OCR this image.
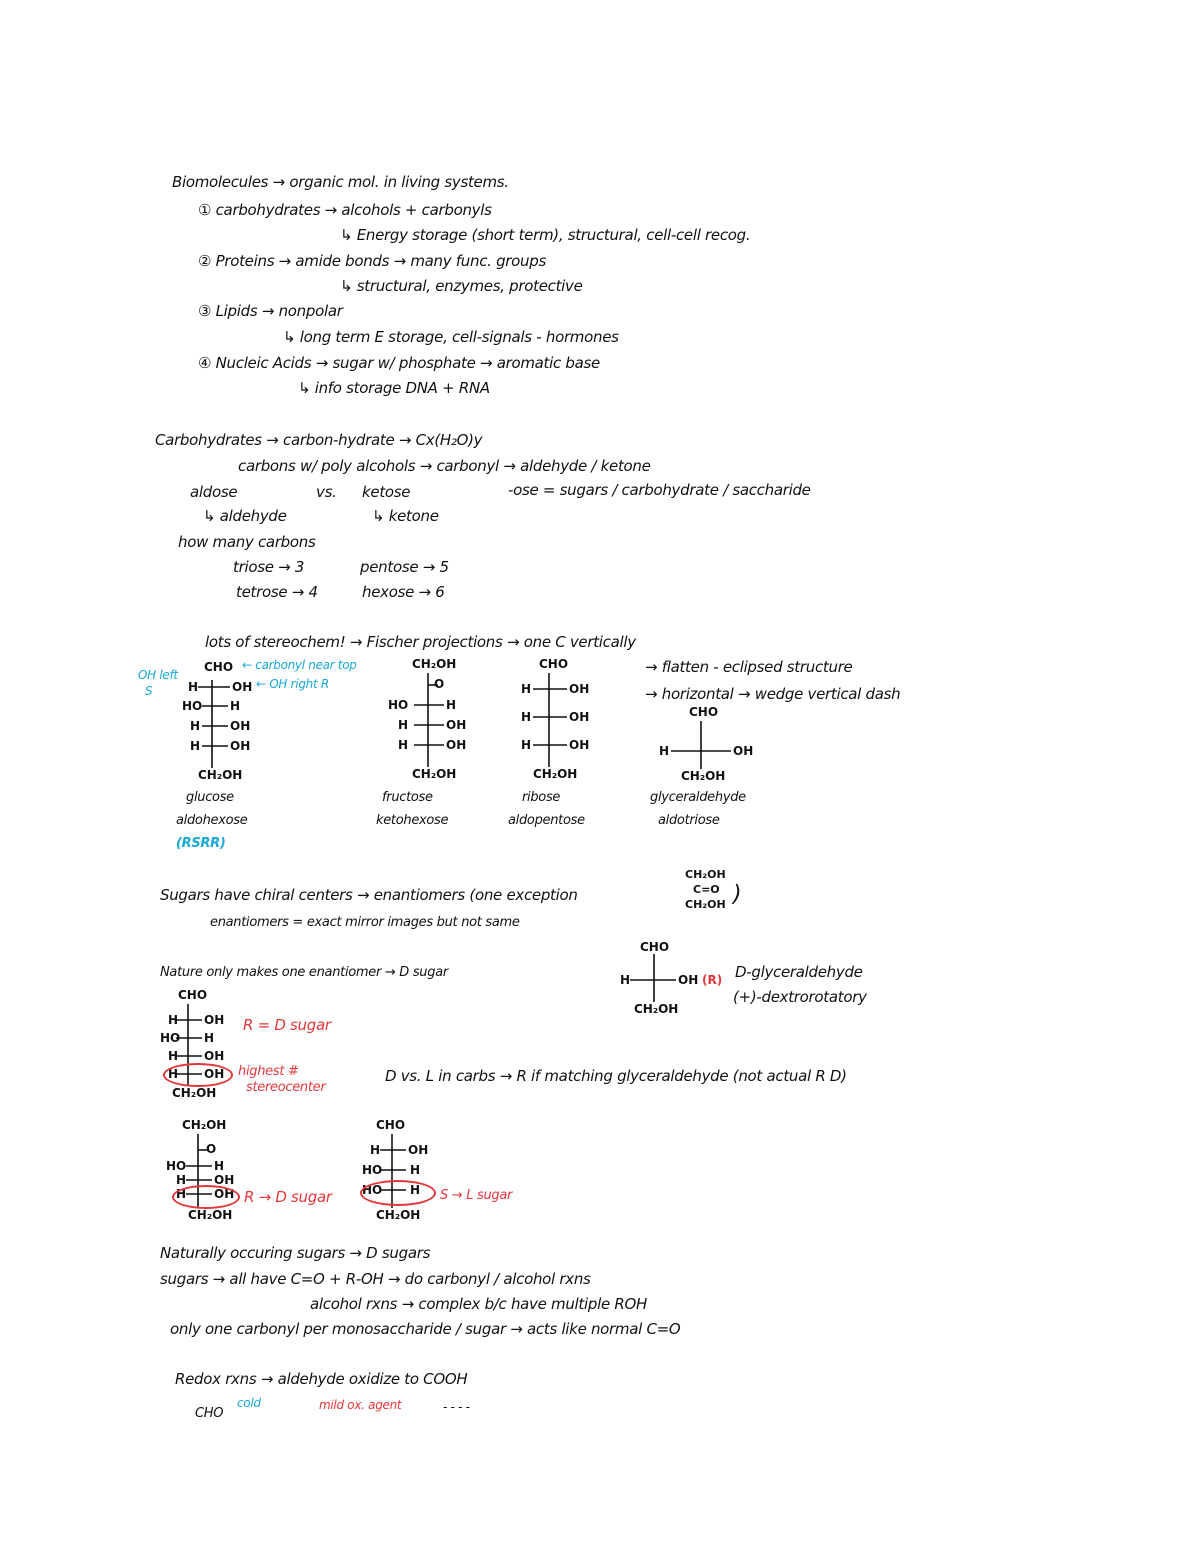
Biomolecules → organic mol. in living systems.
① carbohydrates → alcohols + carbonyls
↳ Energy storage (short term), structural, cell-cell recog.
② Proteins → amide bonds → many func. groups
↳ structural, enzymes, protective
③ Lipids → nonpolar
↳ long term E storage, cell-signals - hormones
④ Nucleic Acids → sugar w/ phosphate → aromatic base
↳ info storage DNA + RNA
Carbohydrates → carbon-hydrate → Cx(H₂O)y
carbons w/ poly alcohols → carbonyl → aldehyde / ketone
aldose	vs. ketose	-ose = sugars / carbohydrate / saccharide
↳ aldehyde	↳ ketone
how many carbons
triose → 3	pentose → 5
tetrose → 4	hexose → 6
lots of stereochem! → Fischer projections → one C vertically
→ flatten - eclipsed structure
→ horizontal → wedge vertical dash
OH left
S
← carbonyl near top
← OH right R
CHO
H	OH
HO H
H OH
H OH
CH₂OH
glucose
aldohexose
(RSRR)
CH₂OH
O
HO	H
H	OH
H	OH
CH₂OH
fructose
ketohexose
CHO
H	OH
H	OH
H	OH
CH₂OH
ribose
aldopentose
CHO
H	OH
CH₂OH
glyceraldehyde
aldotriose
Sugars have chiral centers → enantiomers (one exception
CH₂OH
C=O
CH₂OH )
enantiomers = exact mirror images but not same
Nature only makes one enantiomer → D sugar
CHO
H	OH (R)
CH₂OH
D-glyceraldehyde
(+)-dextrorotatory
CHO
H OH
HO H
H OH
H OH
CH₂OH
R = D sugar
highest #
stereocenter
D vs. L in carbs → R if matching glyceraldehyde (not actual R D)
CH₂OH
O
HO H
H OH
H OH
CH₂OH
R → D sugar
CHO
H OH
HO H
HO H
CH₂OH
S → L sugar
Naturally occuring sugars → D sugars
sugars → all have C=O + R-OH → do carbonyl / alcohol rxns
alcohol rxns → complex b/c have multiple ROH
only one carbonyl per monosaccharide / sugar → acts like normal C=O
Redox rxns → aldehyde oxidize to COOH
CHO
cold	mild ox. agent	- - - -
